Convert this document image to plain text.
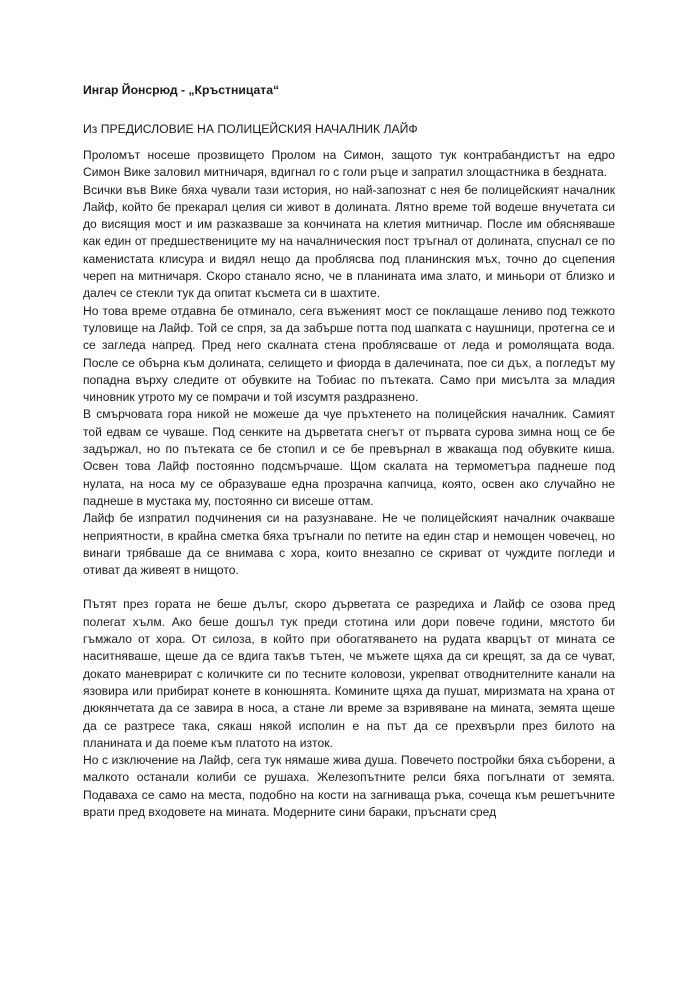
Ингар Йонсрюд - „Кръстницата“
Из ПРЕДИСЛОВИЕ НА ПОЛИЦЕЙСКИЯ НАЧАЛНИК ЛАЙФ

Проломът носеше прозвището Пролом на Симон, защото тук контрабандистът на едро Симон Вике заловил митничаря, вдигнал го с голи ръце и запратил злощастника в бездната.

Всички във Вике бяха чували тази история, но най-запознат с нея бе полицейският началник Лайф, който бе прекарал целия си живот в долината. Лятно време той водеше внучетата си до висящия мост и им разказваше за кончината на клетия митничар. После им обясняваше как един от предшествениците му на началническия пост тръгнал от долината, спуснал се по каменистата клисура и видял нещо да проблясва под планинския мъх, точно до сцепения череп на митничаря. Скоро станало ясно, че в планината има злато, и миньори от близко и далеч се стекли тук да опитат късмета си в шахтите.

Но това време отдавна бе отминало, сега въженият мост се поклащаше лениво под тежкото туловище на Лайф. Той се спря, за да забърше потта под шапката с наушници, протегна се и се загледа напред. Пред него скалната стена проблясваше от леда и ромолящата вода. После се обърна към долината, селището и фиорда в далечината, пое си дъх, а погледът му попадна върху следите от обувките на Тобиас по пътеката. Само при мисълта за младия чиновник утрото му се помрачи и той изсумтя раздразнено.

В смърчовата гора никой не можеше да чуе пръхтенето на полицейския началник. Самият той едвам се чуваше. Под сенките на дърветата снегът от първата сурова зимна нощ се бе задържал, но по пътеката се бе стопил и се бе превърнал в жвакаща под обувките киша. Освен това Лайф постоянно подсмърчаше. Щом скалата на термометъра паднеше под нулата, на носа му се образуваше една прозрачна капчица, която, освен ако случайно не паднеше в мустака му, постоянно си висеше оттам.

Лайф бе изпратил подчинения си на разузнаване. Не че полицейският началник очакваше неприятности, в крайна сметка бяха тръгнали по петите на един стар и немощен човечец, но винаги трябваше да се внимава с хора, които внезапно се скриват от чуждите погледи и отиват да живеят в нищото.

Пътят през гората не беше дълъг, скоро дърветата се разредиха и Лайф се озова пред полегат хълм. Ако беше дошъл тук преди стотина или дори повече години, мястото би гъмжало от хора. От силоза, в който при обогатяването на рудата кварцът от мината се наситняваше, щеше да се вдига такъв тътен, че мъжете щяха да си крещят, за да се чуват, докато маневрират с количките си по тесните коловози, укрепват отводнителните канали на язовира или прибират конете в конюшнята. Комините щяха да пушат, миризмата на храна от дюкянчетата да се завира в носа, а стане ли време за взривяване на мината, земята щеше да се разтресе така, сякаш някой исполин е на път да се прехвърли през билото на планината и да поеме към платото на изток.

Но с изключение на Лайф, сега тук нямаше жива душа. Повечето постройки бяха съборени, а малкото останали колиби се рушаха. Железопътните релси бяха погълнати от земята. Подаваха се само на места, подобно на кости на загниваща ръка, сочеща към решетъчните врати пред входовете на мината. Модерните сини бараки, пръснати сред
